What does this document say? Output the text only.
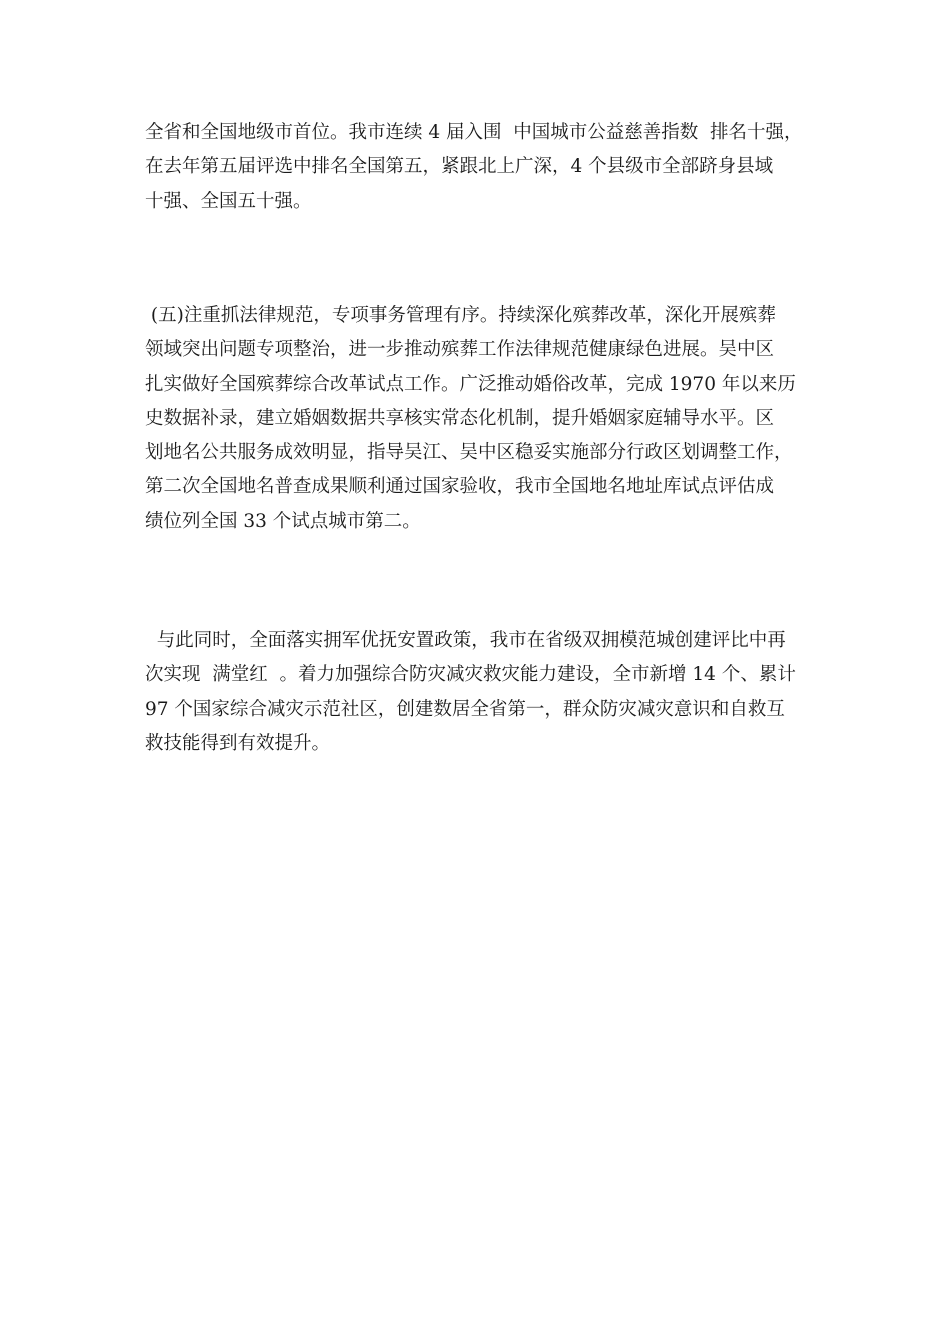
全省和全国地级市首位。我市连续 4 届入围  中国城市公益慈善指数  排名十强，
在去年第五届评选中排名全国第五，紧跟北上广深，4 个县级市全部跻身县域
十强、全国五十强。
(五)注重抓法律规范，专项事务管理有序。持续深化殡葬改革，深化开展殡葬
领域突出问题专项整治，进一步推动殡葬工作法律规范健康绿色进展。吴中区
扎实做好全国殡葬综合改革试点工作。广泛推动婚俗改革，完成 1970 年以来历
史数据补录，建立婚姻数据共享核实常态化机制，提升婚姻家庭辅导水平。区
划地名公共服务成效明显，指导吴江、吴中区稳妥实施部分行政区划调整工作，
第二次全国地名普查成果顺利通过国家验收，我市全国地名地址库试点评估成
绩位列全国 33 个试点城市第二。
与此同时，全面落实拥军优抚安置政策，我市在省级双拥模范城创建评比中再
次实现  满堂红  。着力加强综合防灾减灾救灾能力建设，全市新增 14 个、累计
97 个国家综合减灾示范社区，创建数居全省第一，群众防灾减灾意识和自救互
救技能得到有效提升。
